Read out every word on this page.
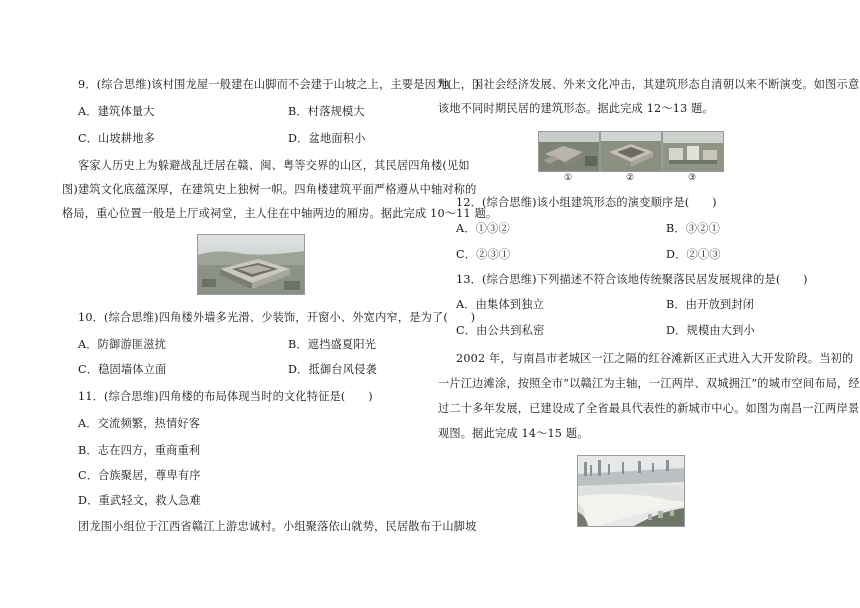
9．(综合思维)该村围龙屋一般建在山脚而不会建于山坡之上，主要是因为(　　)
A．建筑体量大	B．村落规模大
C．山坡耕地多	D．盆地面积小
客家人历史上为躲避战乱迁居在赣、闽、粤等交界的山区，其民居四角楼(见如
图)建筑文化底蕴深厚，在建筑史上独树一帜。四角楼建筑平面严格遵从中轴对称的
格局，重心位置一般是上厅或祠堂，主人住在中轴两边的厢房。据此完成 10～11 题。
10．(综合思维)四角楼外墙多光滑、少装饰，开窗小、外宽内窄，是为了(　　)
A．防御游匪滋扰	B．遮挡盛夏阳光
C．稳固墙体立面	D．抵御台风侵袭
11．(综合思维)四角楼的布局体现当时的文化特征是(　　)
A．交流频繁，热情好客
B．志在四方，重商重利
C．合族聚居，尊卑有序
D．重武轻文，救人急难
团龙围小组位于江西省赣江上游忠诚村。小组聚落依山就势，民居散布于山脚坡
地上，因社会经济发展、外来文化冲击，其建筑形态自清朝以来不断演变。如图示意
该地不同时期民居的建筑形态。据此完成 12～13 题。
①	②	③
12．(综合思维)该小组建筑形态的演变顺序是(　　)
A．①③②	B．③②①
C．②③①	D．②①③
13．(综合思维)下列描述不符合该地传统聚落民居发展规律的是(　　)
A．由集体到独立	B．由开放到封闭
C．由公共到私密	D．规模由大到小
2002 年，与南昌市老城区一江之隔的红谷滩新区正式进入大开发阶段。当初的
一片江边滩涂，按照全市“以赣江为主轴，一江两岸、双城拥江”的城市空间布局，经
过二十多年发展，已建设成了全省最具代表性的新城市中心。如图为南昌一江两岸景
观图。据此完成 14～15 题。
